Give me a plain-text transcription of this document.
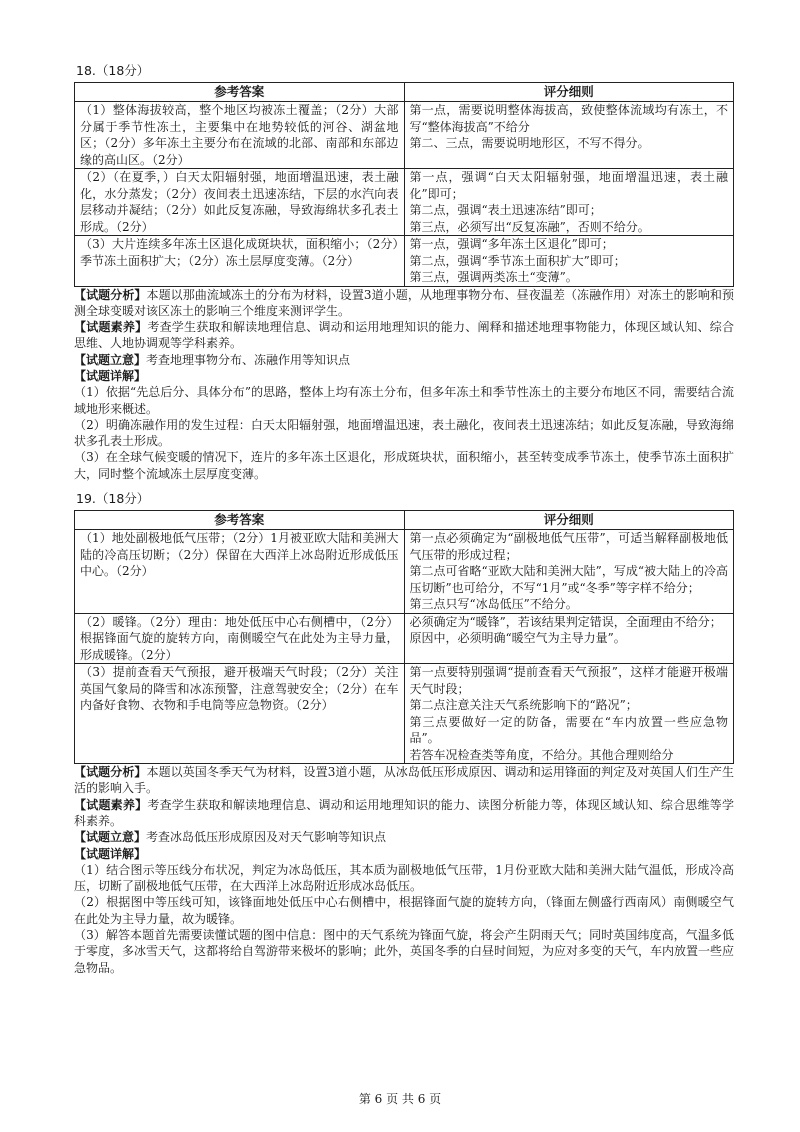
18.（18分）
参考答案	评分细则

（1）整体海拔较高，整个地区均被冻土覆盖；（2分）大部分属于季节性冻土，主要集中在地势较低的河谷、湖盆地区；（2分）多年冻土主要分布在流域的北部、南部和东部边缘的高山区。（2分）	第一点，需要说明整体海拔高，致使整体流域均有冻土，不写“整体海拔高”不给分
第二、三点，需要说明地形区，不写不得分。

（2）（在夏季，）白天太阳辐射强，地面增温迅速，表土融化，水分蒸发；（2分）夜间表土迅速冻结，下层的水汽向表层移动并凝结；（2分）如此反复冻融，导致海绵状多孔表土形成。（2分）	第一点，强调“白天太阳辐射强，地面增温迅速，表土融化”即可；
第二点，强调“表土迅速冻结”即可；
第三点，必须写出“反复冻融”，否则不给分。

（3）大片连续多年冻土区退化成斑块状，面积缩小；（2分）季节冻土面积扩大；（2分）冻土层厚度变薄。（2分）	第一点，强调“多年冻土区退化”即可；
第二点，强调“季节冻土面积扩大”即可；
第三点，强调两类冻土“变薄”。

【试题分析】本题以那曲流域冻土的分布为材料，设置3道小题，从地理事物分布、昼夜温差（冻融作用）对冻土的影响和预测全球变暖对该区冻土的影响三个维度来测评学生。

【试题素养】考查学生获取和解读地理信息、调动和运用地理知识的能力、阐释和描述地理事物能力，体现区域认知、综合思维、人地协调观等学科素养。

【试题立意】考查地理事物分布、冻融作用等知识点

【试题详解】

（1）依据“先总后分、具体分布”的思路，整体上均有冻土分布，但多年冻土和季节性冻土的主要分布地区不同，需要结合流域地形来概述。

（2）明确冻融作用的发生过程：白天太阳辐射强，地面增温迅速，表土融化，夜间表土迅速冻结；如此反复冻融，导致海绵状多孔表土形成。

（3）在全球气候变暖的情况下，连片的多年冻土区退化，形成斑块状，面积缩小，甚至转变成季节冻土，使季节冻土面积扩大，同时整个流域冻土层厚度变薄。

19.（18分）
参考答案	评分细则

（1）地处副极地低气压带；（2分）1月被亚欧大陆和美洲大陆的冷高压切断；（2分）保留在大西洋上冰岛附近形成低压中心。（2分）	第一点必须确定为“副极地低气压带”，可适当解释副极地低气压带的形成过程；
第二点可省略“亚欧大陆和美洲大陆”，写成“被大陆上的冷高压切断”也可给分，不写“1月”或“冬季”等字样不给分；
第三点只写“冰岛低压”不给分。

（2）暖锋。（2分）理由：地处低压中心右侧槽中，（2分）根据锋面气旋的旋转方向，南侧暖空气在此处为主导力量，形成暖锋。（2分）	必须确定为“暖锋”，若该结果判定错误，全面理由不给分；
原因中，必须明确“暖空气为主导力量”。

（3）提前查看天气预报，避开极端天气时段；（2分）关注英国气象局的降雪和冰冻预警，注意驾驶安全；（2分）在车内备好食物、衣物和手电筒等应急物资。（2分）	第一点要特别强调“提前查看天气预报”，这样才能避开极端天气时段；
第二点注意关注天气系统影响下的“路况”；
第三点要做好一定的防备，需要在“车内放置一些应急物品”。
若答车况检查类等角度，不给分。其他合理则给分

【试题分析】本题以英国冬季天气为材料，设置3道小题，从冰岛低压形成原因、调动和运用锋面的判定及对英国人们生产生活的影响入手。

【试题素养】考查学生获取和解读地理信息、调动和运用地理知识的能力、读图分析能力等，体现区域认知、综合思维等学科素养。

【试题立意】考查冰岛低压形成原因及对天气影响等知识点

【试题详解】

（1）结合图示等压线分布状况，判定为冰岛低压，其本质为副极地低气压带，1月份亚欧大陆和美洲大陆气温低，形成冷高压，切断了副极地低气压带，在大西洋上冰岛附近形成冰岛低压。

（2）根据图中等压线可知，该锋面地处低压中心右侧槽中，根据锋面气旋的旋转方向，（锋面左侧盛行西南风）南侧暖空气在此处为主导力量，故为暖锋。

（3）解答本题首先需要读懂试题的图中信息：图中的天气系统为锋面气旋，将会产生阴雨天气；同时英国纬度高，气温多低于零度，多冰雪天气，这都将给自驾游带来极坏的影响；此外，英国冬季的白昼时间短，为应对多变的天气，车内放置一些应急物品。

第 6 页 共 6 页
